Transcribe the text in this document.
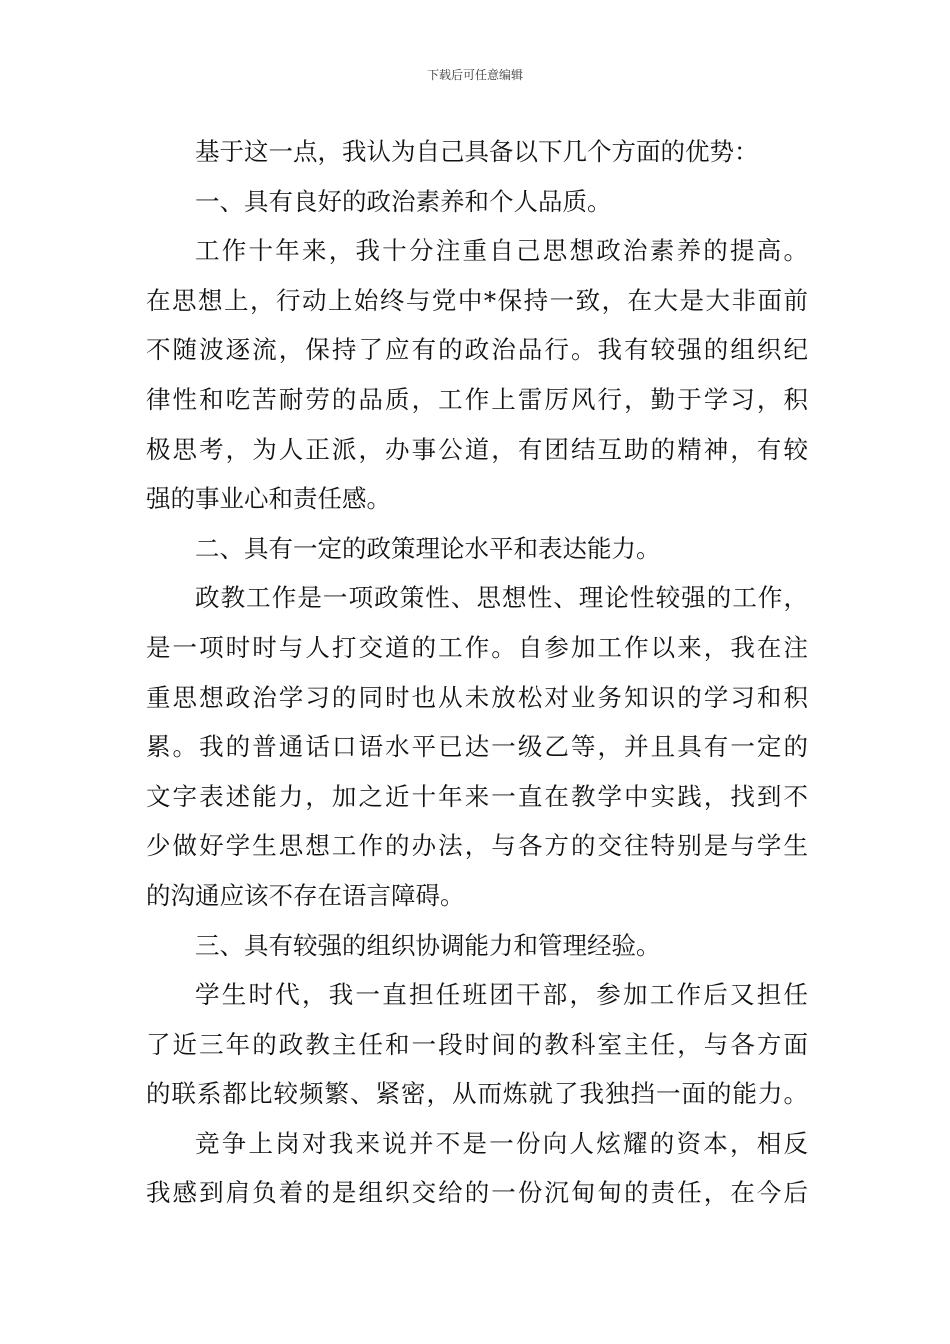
下载后可任意编辑
基于这一点，我认为自己具备以下几个方面的优势：
一、具有良好的政治素养和个人品质。
工作十年来，我十分注重自己思想政治素养的提高。
在思想上，行动上始终与党中*保持一致，在大是大非面前
不随波逐流，保持了应有的政治品行。我有较强的组织纪
律性和吃苦耐劳的品质，工作上雷厉风行，勤于学习，积
极思考，为人正派，办事公道，有团结互助的精神，有较
强的事业心和责任感。
二、具有一定的政策理论水平和表达能力。
政教工作是一项政策性、思想性、理论性较强的工作，
是一项时时与人打交道的工作。自参加工作以来，我在注
重思想政治学习的同时也从未放松对业务知识的学习和积
累。我的普通话口语水平已达一级乙等，并且具有一定的
文字表述能力，加之近十年来一直在教学中实践，找到不
少做好学生思想工作的办法，与各方的交往特别是与学生
的沟通应该不存在语言障碍。
三、具有较强的组织协调能力和管理经验。
学生时代，我一直担任班团干部，参加工作后又担任
了近三年的政教主任和一段时间的教科室主任，与各方面
的联系都比较频繁、紧密，从而炼就了我独挡一面的能力。
竞争上岗对我来说并不是一份向人炫耀的资本，相反
我感到肩负着的是组织交给的一份沉甸甸的责任，在今后
